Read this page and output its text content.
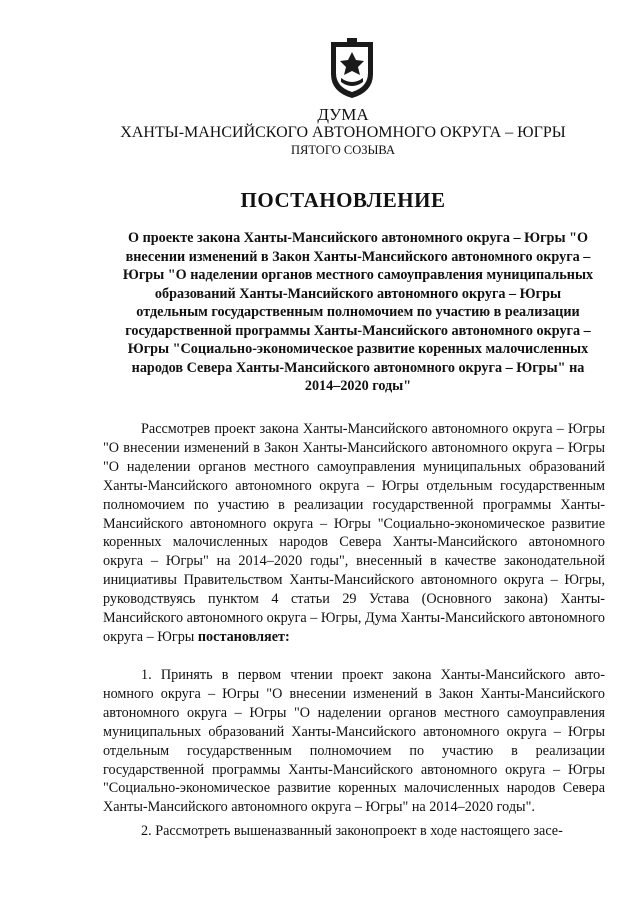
ДУМА
ХАНТЫ-МАНСИЙСКОГО АВТОНОМНОГО ОКРУГА – ЮГРЫ
ПЯТОГО СОЗЫВА
ПОСТАНОВЛЕНИЕ
О проекте закона Ханты-Мансийского автономного округа – Югры "О внесении изменений в Закон Ханты-Мансийского автономного округа – Югры "О наделении органов местного самоуправления муниципальных образований Ханты-Мансийского автономного округа – Югры отдельным государственным полномочием по участию в реализации государственной программы Ханты-Мансийского автономного округа – Югры "Социально-экономическое развитие коренных малочисленных народов Севера Ханты-Мансийского автономного округа – Югры" на 2014–2020 годы"
Рассмотрев проект закона Ханты-Мансийского автономного округа – Югры "О внесении изменений в Закон Ханты-Мансийского автономного округа – Югры "О наделении органов местного самоуправления муниципальных образований Ханты-Мансийского автономного округа – Югры отдельным государственным полномочием по участию в реализации государственной программы Ханты-Мансийского автономного округа – Югры "Социально-экономическое развитие коренных малочисленных народов Севера Ханты-Мансийского автономного округа – Югры" на 2014–2020 годы", внесенный в качестве законодательной инициативы Правительством Ханты-Мансийского автономного округа – Югры, руководствуясь пунктом 4 статьи 29 Устава (Основного закона) Ханты-Мансийского автономного округа – Югры, Дума Ханты-Мансийского автономного округа – Югры постановляет:
1. Принять в первом чтении проект закона Ханты-Мансийского автономного округа – Югры "О внесении изменений в Закон Ханты-Мансийского автономного округа – Югры "О наделении органов местного самоуправления муниципальных образований Ханты-Мансийского автономного округа – Югры отдельным государственным полномочием по участию в реализации государственной программы Ханты-Мансийского автономного округа – Югры "Социально-экономическое развитие коренных малочисленных народов Севера Ханты-Мансийского автономного округа – Югры" на 2014–2020 годы".
2. Рассмотреть вышеназванный законопроект в ходе настоящего засе-
